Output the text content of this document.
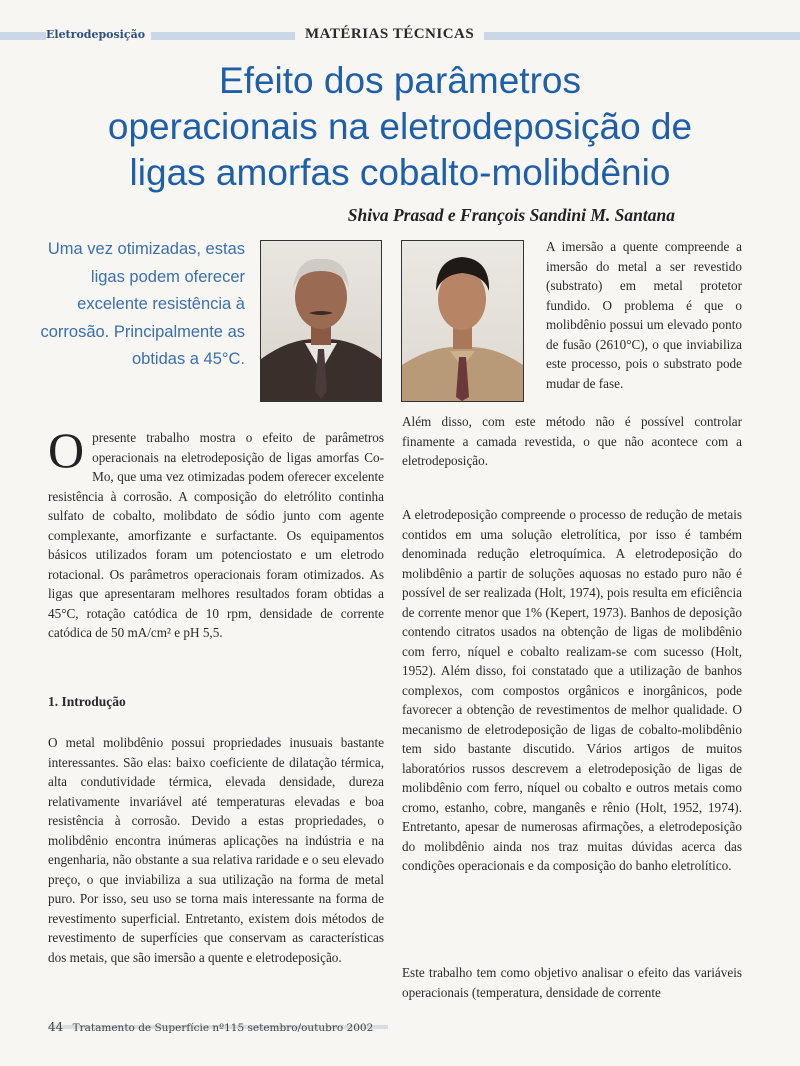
Eletrodeposição	MATÉRIAS TÉCNICAS
Efeito dos parâmetros
operacionais na eletrodeposição de
ligas amorfas cobalto-molibdênio
Shiva Prasad e François Sandini M. Santana
Uma vez otimizadas, estas ligas podem oferecer excelente resistência à corrosão. Principalmente as obtidas a 45°C.
A imersão a quente compreende a imersão do metal a ser revestido (substrato) em metal protetor fundido. O problema é que o molibdênio possui um elevado ponto de fusão (2610°C), o que inviabiliza este processo, pois o substrato pode mudar de fase.
Além disso, com este método não é possível controlar finamente a camada revestida, o que não acontece com a eletrodeposição.
O presente trabalho mostra o efeito de parâmetros operacionais na eletrodeposição de ligas amorfas Co-Mo, que uma vez otimizadas podem oferecer excelente resistência à corrosão. A composição do eletrólito continha sulfato de cobalto, molibdato de sódio junto com agente complexante, amorfizante e surfactante. Os equipamentos básicos utilizados foram um potenciostato e um eletrodo rotacional. Os parâmetros operacionais foram otimizados. As ligas que apresentaram melhores resultados foram obtidas a 45°C, rotação catódica de 10 rpm, densidade de corrente catódica de 50 mA/cm² e pH 5,5.
1. Introdução
O metal molibdênio possui propriedades inusuais bastante interessantes. São elas: baixo coeficiente de dilatação térmica, alta condutividade térmica, elevada densidade, dureza relativamente invariável até temperaturas elevadas e boa resistência à corrosão. Devido a estas propriedades, o molibdênio encontra inúmeras aplicações na indústria e na engenharia, não obstante a sua relativa raridade e o seu elevado preço, o que inviabiliza a sua utilização na forma de metal puro. Por isso, seu uso se torna mais interessante na forma de revestimento superficial. Entretanto, existem dois métodos de revestimento de superfícies que conservam as características dos metais, que são imersão a quente e eletrodeposição.
A eletrodeposição compreende o processo de redução de metais contidos em uma solução eletrolítica, por isso é também denominada redução eletroquímica. A eletrodeposição do molibdênio a partir de soluções aquosas no estado puro não é possível de ser realizada (Holt, 1974), pois resulta em eficiência de corrente menor que 1% (Kepert, 1973). Banhos de deposição contendo citratos usados na obtenção de ligas de molibdênio com ferro, níquel e cobalto realizam-se com sucesso (Holt, 1952). Além disso, foi constatado que a utilização de banhos complexos, com compostos orgânicos e inorgânicos, pode favorecer a obtenção de revestimentos de melhor qualidade. O mecanismo de eletrodeposição de ligas de cobalto-molibdênio tem sido bastante discutido. Vários artigos de muitos laboratórios russos descrevem a eletrodeposição de ligas de molibdênio com ferro, níquel ou cobalto e outros metais como cromo, estanho, cobre, manganês e rênio (Holt, 1952, 1974). Entretanto, apesar de numerosas afirmações, a eletrodeposição do molibdênio ainda nos traz muitas dúvidas acerca das condições operacionais e da composição do banho eletrolítico.
Este trabalho tem como objetivo analisar o efeito das variáveis operacionais (temperatura, densidade de corrente
44 Tratamento de Superfície nº115 setembro/outubro 2002
